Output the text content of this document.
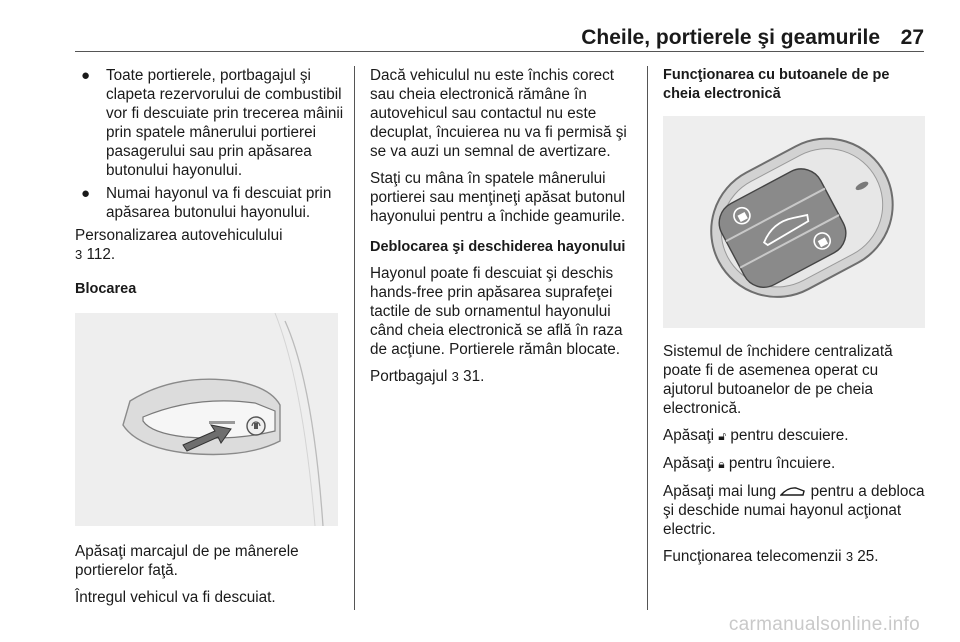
Cheile, portierele şi geamurile 27
● Toate portierele, portbagajul şi clapeta rezervorului de combustibil vor fi descuiate prin trecerea mâinii prin spatele mânerului portierei pasagerului sau prin apăsarea butonului hayonului.
● Numai hayonul va fi descuiat prin apăsarea butonului hayonului.

Personalizarea autovehiculului
3 112.

Blocarea

Apăsaţi marcajul de pe mânerele portierelor faţă.

Întregul vehicul va fi descuiat.

Dacă vehiculul nu este închis corect sau cheia electronică rămâne în autovehicul sau contactul nu este decuplat, încuierea nu va fi permisă şi se va auzi un semnal de avertizare.

Staţi cu mâna în spatele mânerului portierei sau menţineţi apăsat butonul hayonului pentru a închide geamurile.

Deblocarea şi deschiderea hayonului

Hayonul poate fi descuiat şi deschis hands-free prin apăsarea suprafeţei tactile de sub ornamentul hayonului când cheia electronică se află în raza de acţiune. Portierele rămân blocate.

Portbagajul 3 31.

Funcţionarea cu butoanele de pe cheia electronică

Sistemul de închidere centralizată poate fi de asemenea operat cu ajutorul butoanelor de pe cheia electronică.

Apăsaţi 🔓︎ pentru descuiere.

Apăsaţi 🔒︎ pentru încuiere.

Apăsaţi mai lung pentru a debloca şi deschide numai hayonul acţionat electric.

Funcţionarea telecomenzii 3 25.

carmanualsonline.info
